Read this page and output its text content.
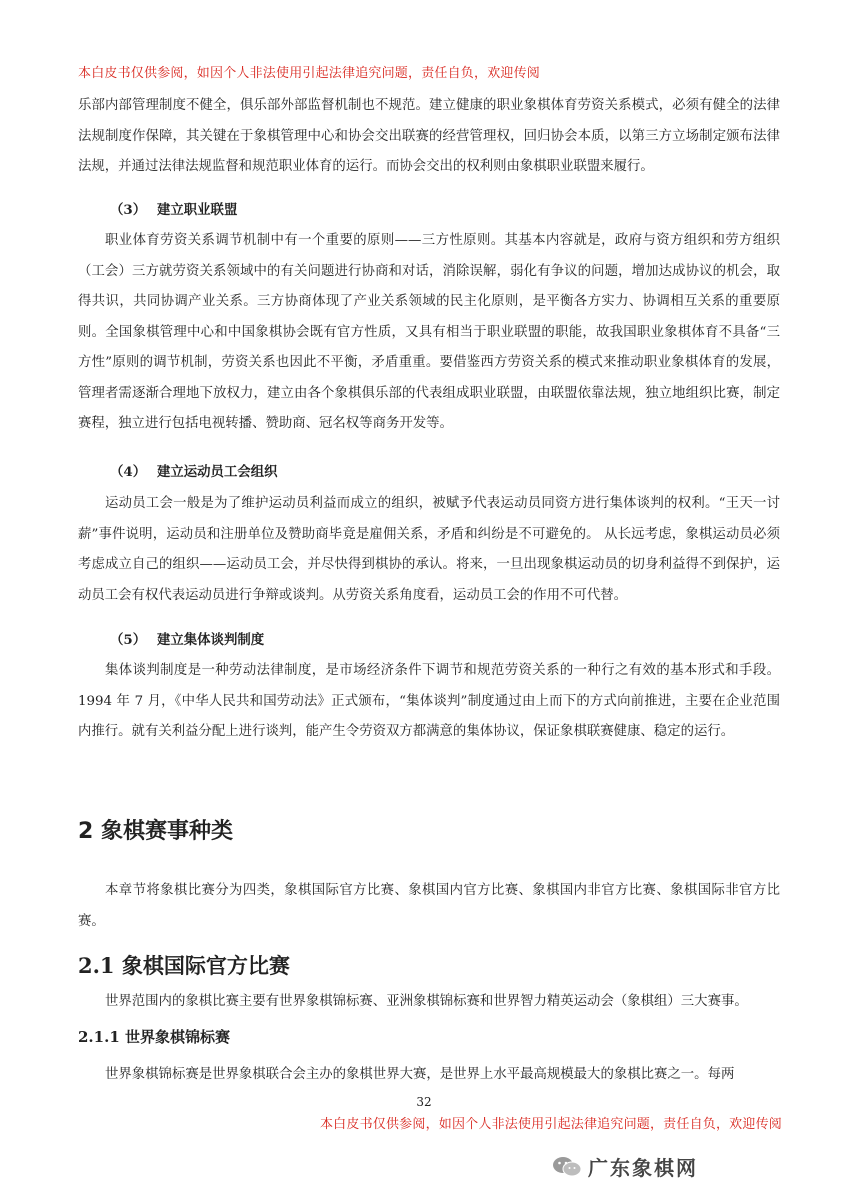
本白皮书仅供参阅，如因个人非法使用引起法律追究问题，责任自负，欢迎传阅
乐部内部管理制度不健全，俱乐部外部监督机制也不规范。建立健康的职业象棋体育劳资关系模式，必须有健全的法律法规制度作保障，其关键在于象棋管理中心和协会交出联赛的经营管理权，回归协会本质，以第三方立场制定颁布法律法规，并通过法律法规监督和规范职业体育的运行。而协会交出的权利则由象棋职业联盟来履行。
（3） 建立职业联盟
职业体育劳资关系调节机制中有一个重要的原则——三方性原则。其基本内容就是，政府与资方组织和劳方组织（工会）三方就劳资关系领域中的有关问题进行协商和对话，消除误解，弱化有争议的问题，增加达成协议的机会，取得共识，共同协调产业关系。三方协商体现了产业关系领域的民主化原则，是平衡各方实力、协调相互关系的重要原则。全国象棋管理中心和中国象棋协会既有官方性质，又具有相当于职业联盟的职能，故我国职业象棋体育不具备“三方性”原则的调节机制，劳资关系也因此不平衡，矛盾重重。要借鉴西方劳资关系的模式来推动职业象棋体育的发展，管理者需逐渐合理地下放权力，建立由各个象棋俱乐部的代表组成职业联盟，由联盟依靠法规，独立地组织比赛，制定赛程，独立进行包括电视转播、赞助商、冠名权等商务开发等。
（4） 建立运动员工会组织
运动员工会一般是为了维护运动员利益而成立的组织，被赋予代表运动员同资方进行集体谈判的权利。“王天一讨薪”事件说明，运动员和注册单位及赞助商毕竟是雇佣关系，矛盾和纠纷是不可避免的。 从长远考虑，象棋运动员必须考虑成立自己的组织——运动员工会，并尽快得到棋协的承认。将来，一旦出现象棋运动员的切身利益得不到保护，运动员工会有权代表运动员进行争辩或谈判。从劳资关系角度看，运动员工会的作用不可代替。
（5） 建立集体谈判制度
集体谈判制度是一种劳动法律制度，是市场经济条件下调节和规范劳资关系的一种行之有效的基本形式和手段。1994 年 7 月，《中华人民共和国劳动法》正式颁布，“集体谈判”制度通过由上而下的方式向前推进，主要在企业范围内推行。就有关利益分配上进行谈判，能产生令劳资双方都满意的集体协议，保证象棋联赛健康、稳定的运行。
2 象棋赛事种类
本章节将象棋比赛分为四类，象棋国际官方比赛、象棋国内官方比赛、象棋国内非官方比赛、象棋国际非官方比赛。
2.1 象棋国际官方比赛
世界范围内的象棋比赛主要有世界象棋锦标赛、亚洲象棋锦标赛和世界智力精英运动会（象棋组）三大赛事。
2.1.1 世界象棋锦标赛
世界象棋锦标赛是世界象棋联合会主办的象棋世界大赛，是世界上水平最高规模最大的象棋比赛之一。每两
32
本白皮书仅供参阅，如因个人非法使用引起法律追究问题，责任自负，欢迎传阅
广东象棋网
